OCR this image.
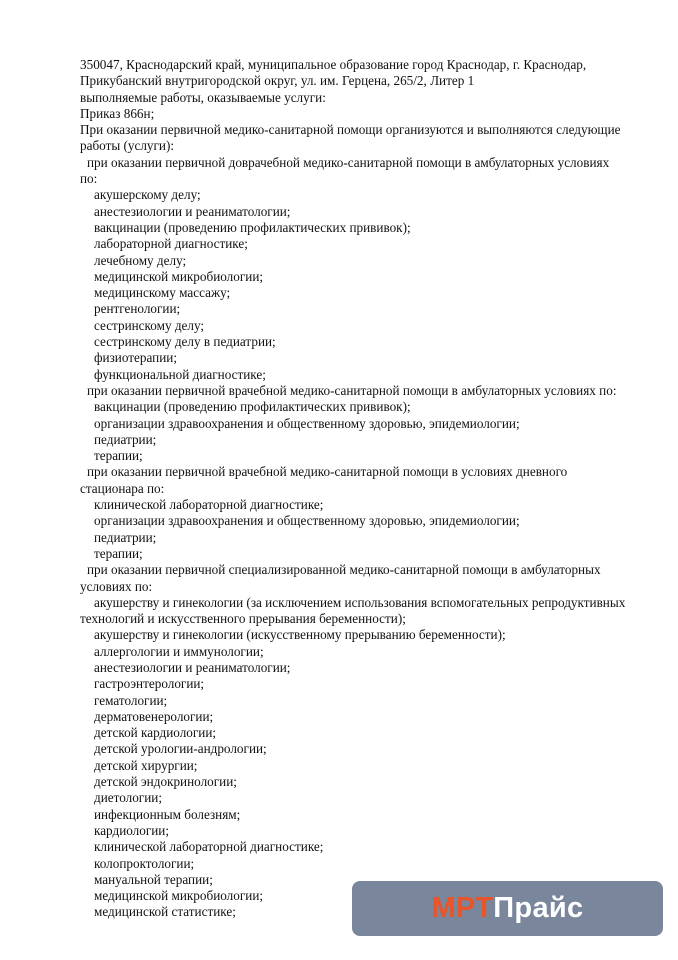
350047, Краснодарский край, муниципальное образование город Краснодар, г. Краснодар,
Прикубанский внутригородской округ, ул. им. Герцена, 265/2, Литер 1
выполняемые работы, оказываемые услуги:
Приказ 866н;
При оказании первичной медико-санитарной помощи организуются и выполняются следующие
работы (услуги):
при оказании первичной доврачебной медико-санитарной помощи в амбулаторных условиях
по:
акушерскому делу;
анестезиологии и реаниматологии;
вакцинации (проведению профилактических прививок);
лабораторной диагностике;
лечебному делу;
медицинской микробиологии;
медицинскому массажу;
рентгенологии;
сестринскому делу;
сестринскому делу в педиатрии;
физиотерапии;
функциональной диагностике;
при оказании первичной врачебной медико-санитарной помощи в амбулаторных условиях по:
вакцинации (проведению профилактических прививок);
организации здравоохранения и общественному здоровью, эпидемиологии;
педиатрии;
терапии;
при оказании первичной врачебной медико-санитарной помощи в условиях дневного
стационара по:
клинической лабораторной диагностике;
организации здравоохранения и общественному здоровью, эпидемиологии;
педиатрии;
терапии;
при оказании первичной специализированной медико-санитарной помощи в амбулаторных
условиях по:
акушерству и гинекологии (за исключением использования вспомогательных репродуктивных
технологий и искусственного прерывания беременности);
акушерству и гинекологии (искусственному прерыванию беременности);
аллергологии и иммунологии;
анестезиологии и реаниматологии;
гастроэнтерологии;
гематологии;
дерматовенерологии;
детской кардиологии;
детской урологии-андрологии;
детской хирургии;
детской эндокринологии;
диетологии;
инфекционным болезням;
кардиологии;
клинической лабораторной диагностике;
колопроктологии;
мануальной терапии;
медицинской микробиологии;
медицинской статистике;	МРТ Прайс
